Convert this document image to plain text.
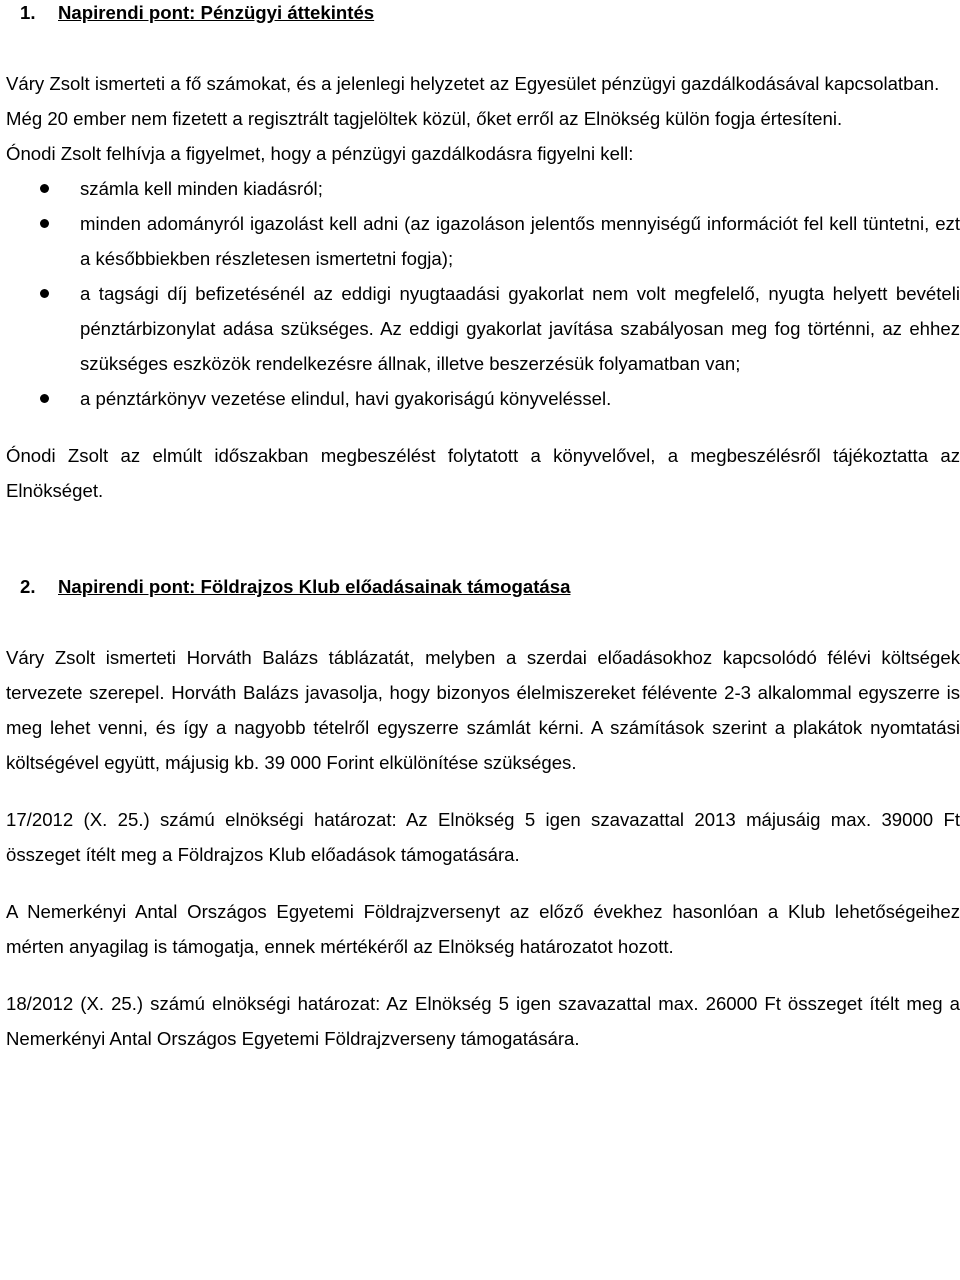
1.	Napirendi pont: Pénzügyi áttekintés

Váry Zsolt ismerteti a fő számokat, és a jelenlegi helyzetet az Egyesület pénzügyi gazdálkodásával kapcsolatban.

Még 20 ember nem fizetett a regisztrált tagjelöltek közül, őket erről az Elnökség külön fogja értesíteni.

Ónodi Zsolt felhívja a figyelmet, hogy a pénzügyi gazdálkodásra figyelni kell:

számla kell minden kiadásról;
minden adományról igazolást kell adni (az igazoláson jelentős mennyiségű információt fel kell tüntetni, ezt a későbbiekben részletesen ismertetni fogja);
a tagsági díj befizetésénél az eddigi nyugtaadási gyakorlat nem volt megfelelő, nyugta helyett bevételi pénztárbizonylat adása szükséges. Az eddigi gyakorlat javítása szabályosan meg fog történni, az ehhez szükséges eszközök rendelkezésre állnak, illetve beszerzésük folyamatban van;
a pénztárkönyv vezetése elindul, havi gyakoriságú könyveléssel.

Ónodi Zsolt az elmúlt időszakban megbeszélést folytatott a könyvelővel, a megbeszélésről tájékoztatta az Elnökséget.

2.	Napirendi pont: Földrajzos Klub előadásainak támogatása

Váry Zsolt ismerteti Horváth Balázs táblázatát, melyben a szerdai előadásokhoz kapcsolódó félévi költségek tervezete szerepel. Horváth Balázs javasolja, hogy bizonyos élelmiszereket félévente 2-3 alkalommal egyszerre is meg lehet venni, és így a nagyobb tételről egyszerre számlát kérni. A számítások szerint a plakátok nyomtatási költségével együtt, májusig kb. 39 000 Forint elkülönítése szükséges.

17/2012 (X. 25.) számú elnökségi határozat: Az Elnökség 5 igen szavazattal 2013 májusáig max. 39000 Ft összeget ítélt meg a Földrajzos Klub előadások támogatására.

A Nemerkényi Antal Országos Egyetemi Földrajzversenyt az előző évekhez hasonlóan a Klub lehetőségeihez mérten anyagilag is támogatja, ennek mértékéről az Elnökség határozatot hozott.

18/2012 (X. 25.) számú elnökségi határozat: Az Elnökség 5 igen szavazattal max. 26000 Ft összeget ítélt meg a Nemerkényi Antal Országos Egyetemi Földrajzverseny támogatására.
